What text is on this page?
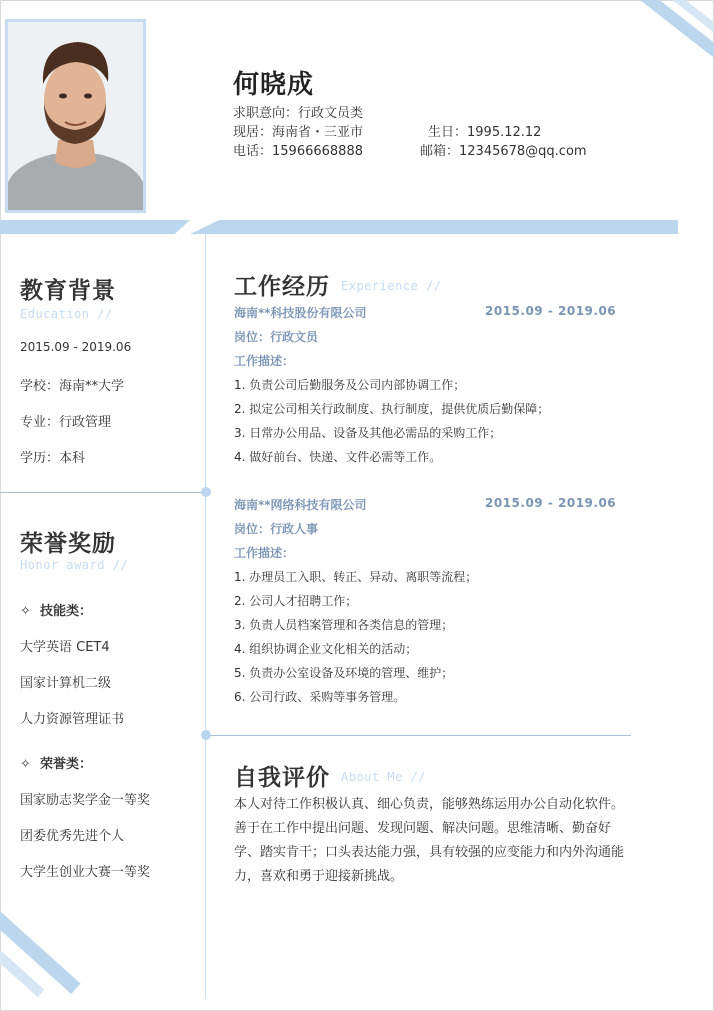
何晓成
求职意向：行政文员类
现居：海南省・三亚市	生日：1995.12.12
电话：15966668888	邮箱：12345678@qq.com
教育背景
Education //
2015.09 - 2019.06
学校：海南**大学
专业：行政管理
学历：本科
荣誉奖励
Honor award //
✧ 技能类：
大学英语 CET4
国家计算机二级
人力资源管理证书
✧ 荣誉类：
国家励志奖学金一等奖
团委优秀先进个人
大学生创业大赛一等奖
工作经历 Experience //
海南**科技股份有限公司	2015.09 - 2019.06
岗位：行政文员
工作描述：
1. 负责公司后勤服务及公司内部协调工作；
2. 拟定公司相关行政制度、执行制度，提供优质后勤保障；
3. 日常办公用品、设备及其他必需品的采购工作；
4. 做好前台、快递、文件必需等工作。
海南**网络科技有限公司	2015.09 - 2019.06
岗位：行政人事
工作描述：
1. 办理员工入职、转正、异动、离职等流程；
2. 公司人才招聘工作；
3. 负责人员档案管理和各类信息的管理；
4. 组织协调企业文化相关的活动；
5. 负责办公室设备及环境的管理、维护；
6. 公司行政、采购等事务管理。
自我评价 About Me //
本人对待工作积极认真、细心负责，能够熟练运用办公自动化软件。善于在工作中提出问题、发现问题、解决问题。思维清晰、勤奋好学、踏实肯干；口头表达能力强，具有较强的应变能力和内外沟通能力，喜欢和勇于迎接新挑战。
